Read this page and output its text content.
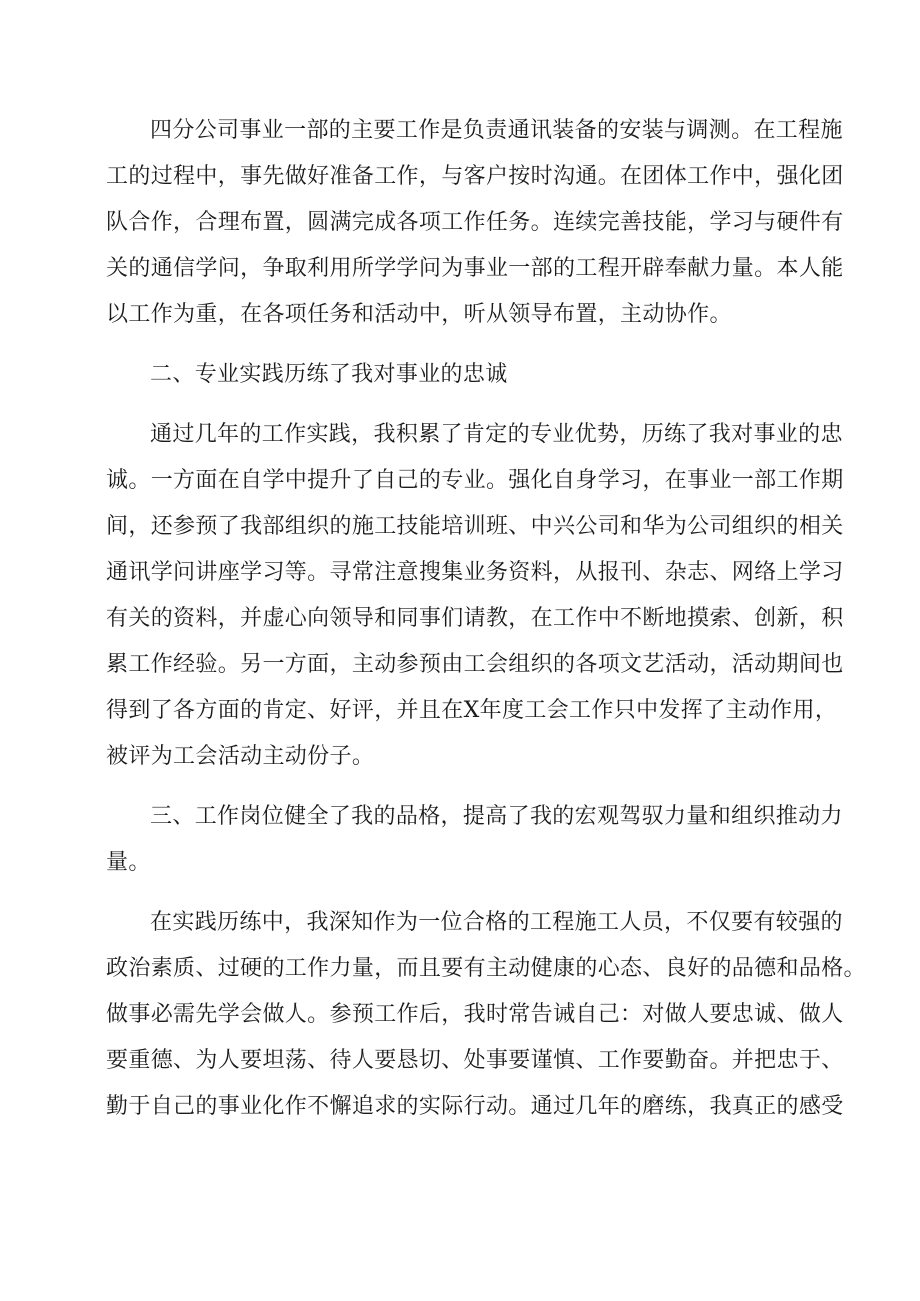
四分公司事业一部的主要工作是负责通讯装备的安装与调测。在工程施
工的过程中，事先做好准备工作，与客户按时沟通。在团体工作中，强化团
队合作，合理布置，圆满完成各项工作任务。连续完善技能，学习与硬件有
关的通信学问，争取利用所学学问为事业一部的工程开辟奉献力量。本人能
以工作为重，在各项任务和活动中，听从领导布置，主动协作。
二、专业实践历练了我对事业的忠诚
通过几年的工作实践，我积累了肯定的专业优势，历练了我对事业的忠
诚。一方面在自学中提升了自己的专业。强化自身学习，在事业一部工作期
间，还参预了我部组织的施工技能培训班、中兴公司和华为公司组织的相关
通讯学问讲座学习等。寻常注意搜集业务资料，从报刊、杂志、网络上学习
有关的资料，并虚心向领导和同事们请教，在工作中不断地摸索、创新，积
累工作经验。另一方面，主动参预由工会组织的各项文艺活动，活动期间也
得到了各方面的肯定、好评，并且在X年度工会工作只中发挥了主动作用，
被评为工会活动主动份子。
三、工作岗位健全了我的品格，提高了我的宏观驾驭力量和组织推动力
量。
在实践历练中，我深知作为一位合格的工程施工人员，不仅要有较强的
政治素质、过硬的工作力量，而且要有主动健康的心态、良好的品德和品格。
做事必需先学会做人。参预工作后，我时常告诫自己：对做人要忠诚、做人
要重德、为人要坦荡、待人要恳切、处事要谨慎、工作要勤奋。并把忠于、
勤于自己的事业化作不懈追求的实际行动。通过几年的磨练，我真正的感受
